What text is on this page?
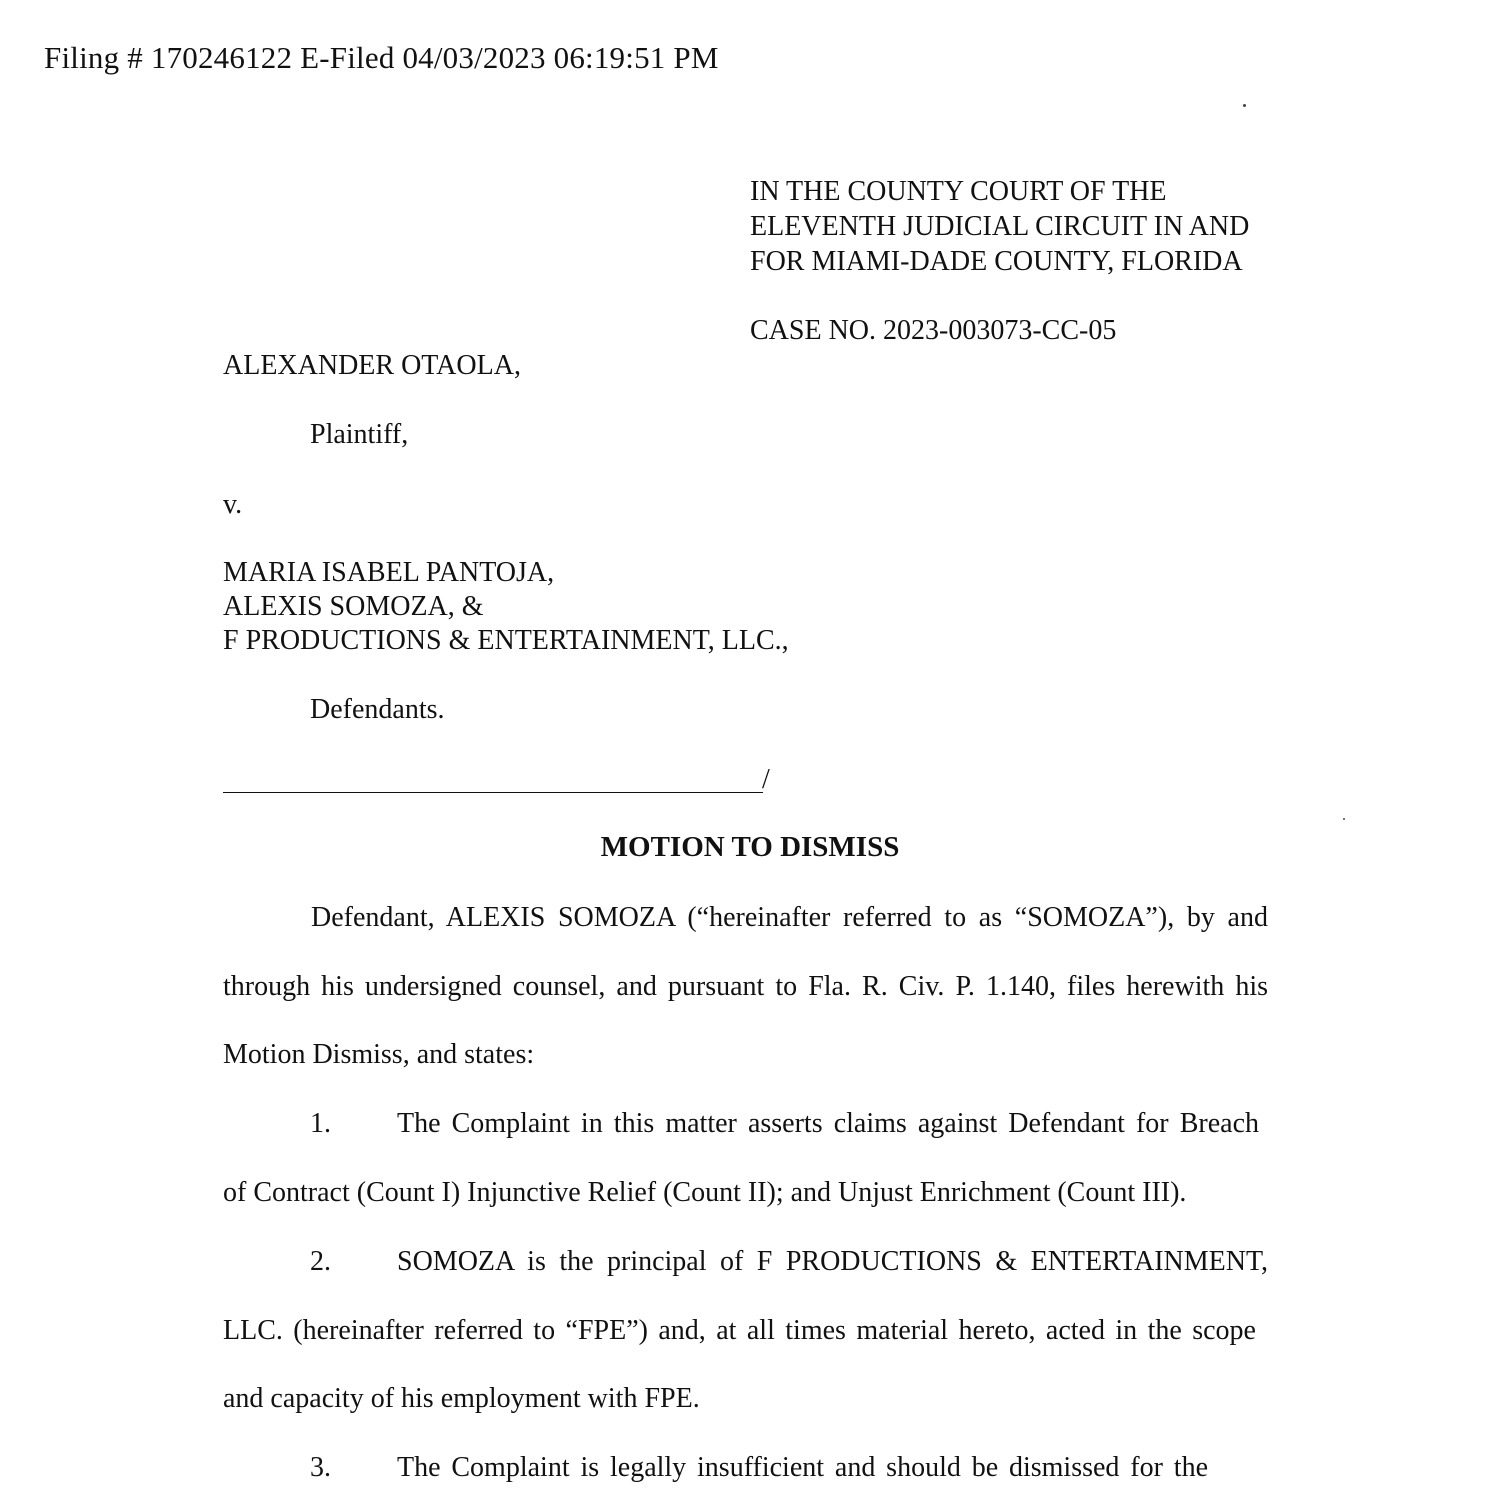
Filing # 170246122 E-Filed 04/03/2023 06:19:51 PM
IN THE COUNTY COURT OF THE
ELEVENTH JUDICIAL CIRCUIT IN AND
FOR MIAMI-DADE COUNTY, FLORIDA
CASE NO. 2023-003073-CC-05
ALEXANDER OTAOLA,
Plaintiff,
v.
MARIA ISABEL PANTOJA,
ALEXIS SOMOZA, &
F PRODUCTIONS & ENTERTAINMENT, LLC.,
Defendants.
/
MOTION TO DISMISS
Defendant, ALEXIS SOMOZA (“hereinafter referred to as “SOMOZA”), by and
through his undersigned counsel, and pursuant to Fla. R. Civ. P. 1.140, files herewith his
Motion Dismiss, and states:
1. The Complaint in this matter asserts claims against Defendant for Breach
of Contract (Count I) Injunctive Relief (Count II); and Unjust Enrichment (Count III).
2. SOMOZA is the principal of F PRODUCTIONS & ENTERTAINMENT,
LLC. (hereinafter referred to “FPE”) and, at all times material hereto, acted in the scope
and capacity of his employment with FPE.
3. The Complaint is legally insufficient and should be dismissed for the
